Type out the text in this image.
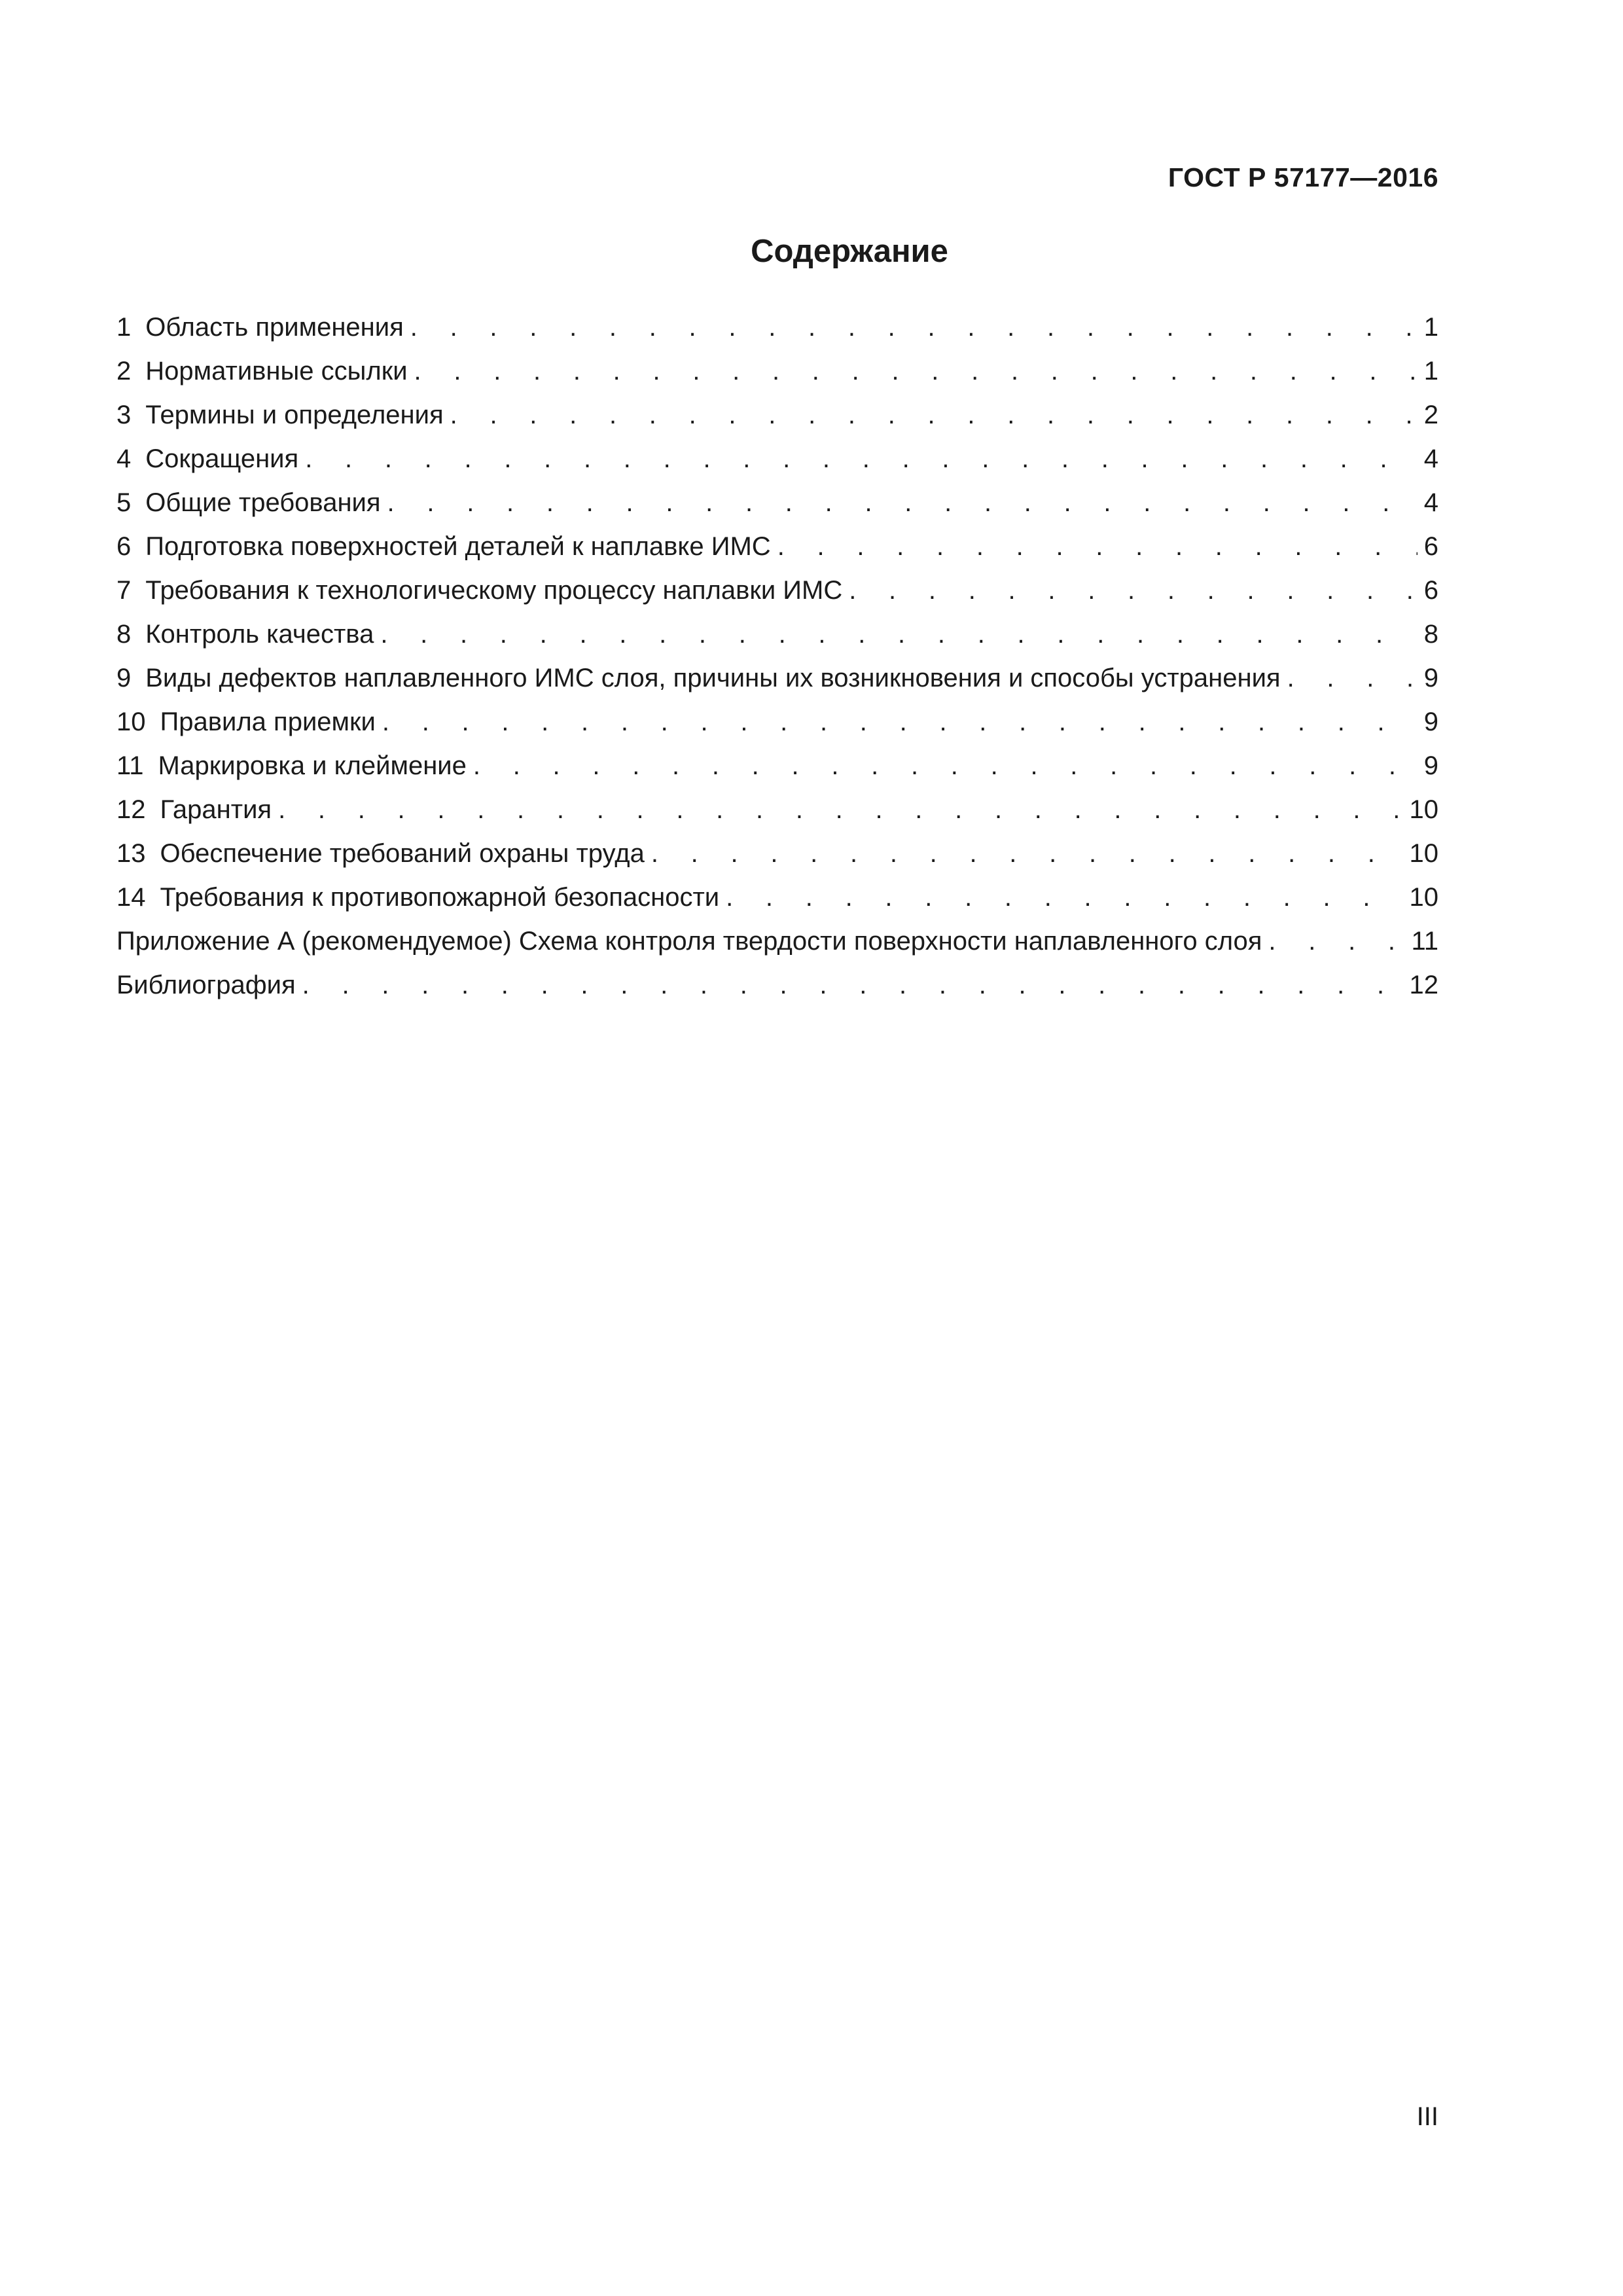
ГОСТ Р 57177—2016
Содержание
1 Область применения . . .	1
2 Нормативные ссылки . . .	1
3 Термины и определения . . .	2
4 Сокращения . . .	4
5 Общие требования . . .	4
6 Подготовка поверхностей деталей к наплавке ИМС . . .	6
7 Требования к технологическому процессу наплавки ИМС . . .	6
8 Контроль качества . . .	8
9 Виды дефектов наплавленного ИМС слоя, причины их возникновения и способы устранения . . .	9
10 Правила приемки . . .	9
11 Маркировка и клеймение . . .	9
12 Гарантия . . .	10
13 Обеспечение требований охраны труда . . .	10
14 Требования к противопожарной безопасности . . .	10
Приложение А (рекомендуемое) Схема контроля твердости поверхности наплавленного слоя . . .	11
Библиография . . .	12
III
